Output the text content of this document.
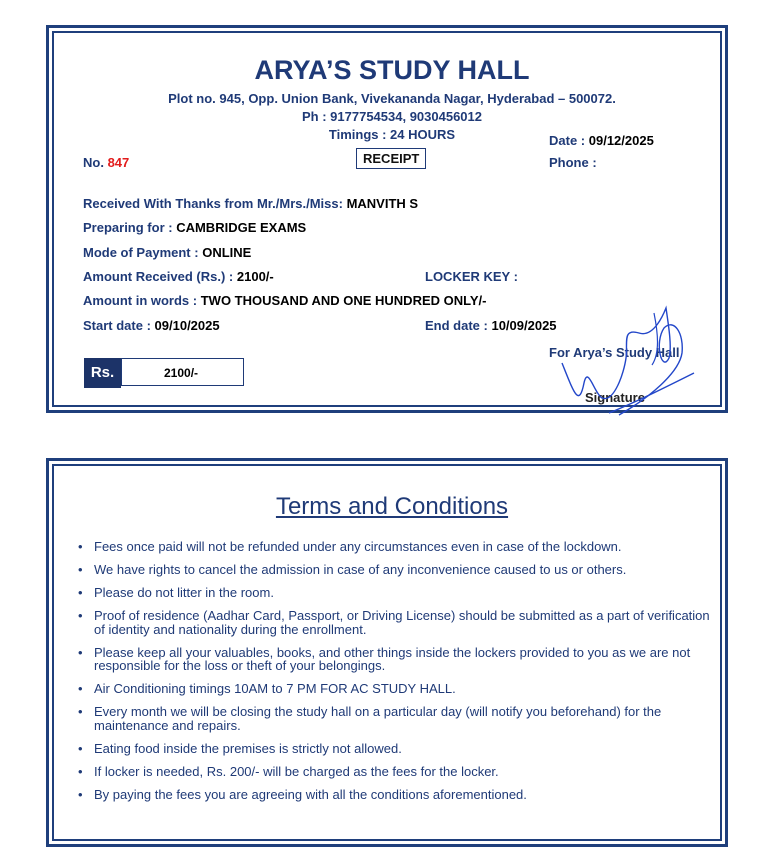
ARYA’S STUDY HALL
Plot no. 945, Opp. Union Bank, Vivekananda Nagar, Hyderabad – 500072.
Ph : 9177754534, 9030456012
Timings : 24 HOURS	Date : 09/12/2025
No. 847	RECEIPT	Phone :
Received With Thanks from Mr./Mrs./Miss: MANVITH S
Preparing for : CAMBRIDGE EXAMS
Mode of Payment : ONLINE
Amount Received (Rs.) : 2100/-	LOCKER KEY :
Amount in words : TWO THOUSAND AND ONE HUNDRED ONLY/-
Start date : 09/10/2025	End date : 10/09/2025
For Arya’s Study Hall
Signature
Rs.	2100/-
Terms and Conditions
• Fees once paid will not be refunded under any circumstances even in case of the lockdown.
• We have rights to cancel the admission in case of any inconvenience caused to us or others.
• Please do not litter in the room.
• Proof of residence (Aadhar Card, Passport, or Driving License) should be submitted as a part of verification of identity and nationality during the enrollment.
• Please keep all your valuables, books, and other things inside the lockers provided to you as we are not responsible for the loss or theft of your belongings.
• Air Conditioning timings 10AM to 7 PM FOR AC STUDY HALL.
• Every month we will be closing the study hall on a particular day (will notify you beforehand) for the maintenance and repairs.
• Eating food inside the premises is strictly not allowed.
• If locker is needed, Rs. 200/- will be charged as the fees for the locker.
• By paying the fees you are agreeing with all the conditions aforementioned.
